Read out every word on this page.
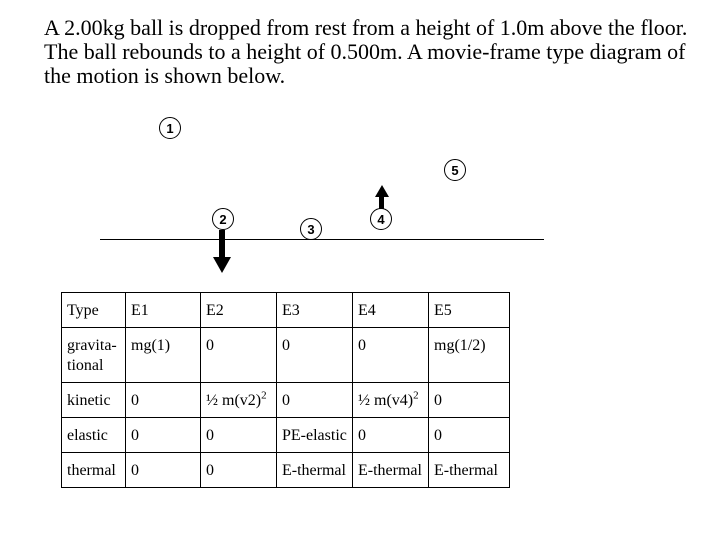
A 2.00kg ball is dropped from rest from a height of 1.0m above the floor. The ball rebounds to a height of 0.500m. A movie-frame type diagram of the motion is shown below.
1
5
2
3
4
Type	E1	E2	E3	E4	E5
gravita-tional	mg(1)	0	0	0	mg(1/2)
kinetic	0	½ $m(v2)^2$	0	½ $m(v4)^2$	0
elastic	0	0	PE-elastic	0	0
thermal	0	0	E-thermal	E-thermal	E-thermal
